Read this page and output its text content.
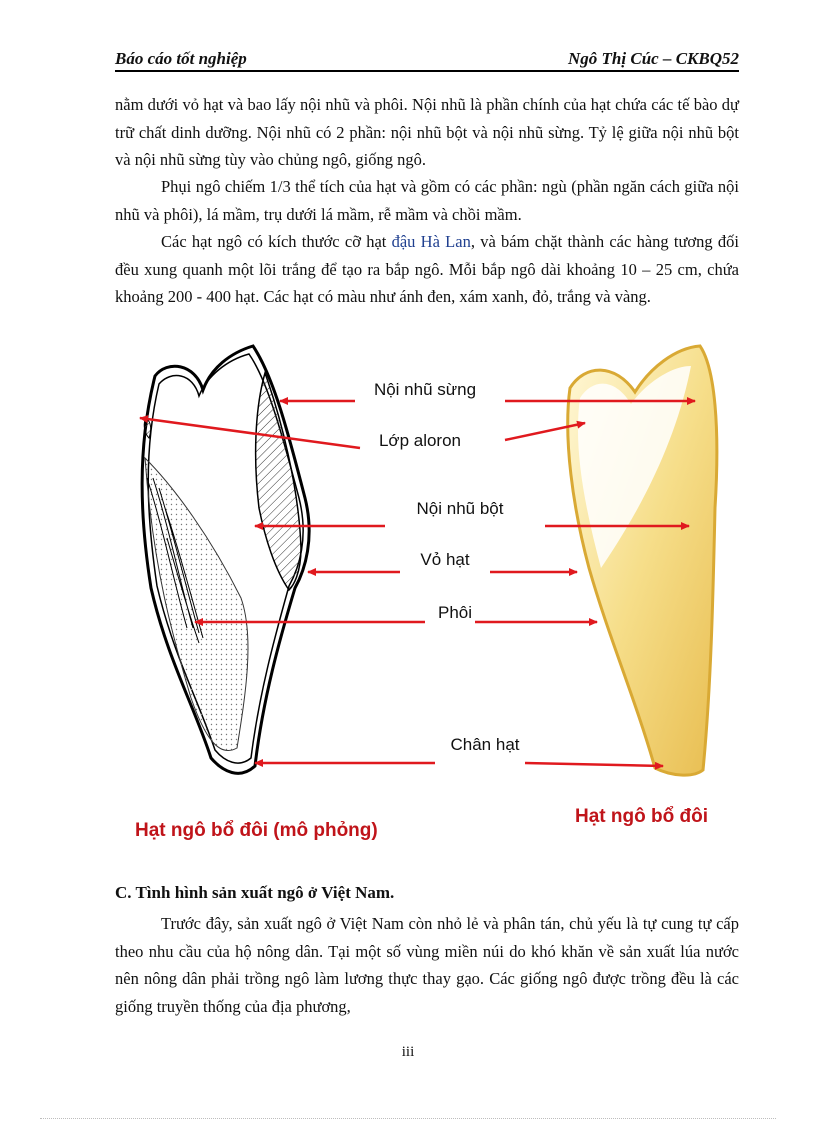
Báo cáo tốt nghiệp	Ngô Thị Cúc – CKBQ52

nằm dưới vỏ hạt và bao lấy nội nhũ và phôi. Nội nhũ là phần chính của hạt chứa các tế bào dự trữ chất dinh dưỡng. Nội nhũ có 2 phần: nội nhũ bột và nội nhũ sừng. Tỷ lệ giữa nội nhũ bột và nội nhũ sừng tùy vào chủng ngô, giống ngô.

Phụi ngô chiếm 1/3 thể tích của hạt và gồm có các phần: ngù (phần ngăn cách giữa nội nhũ và phôi), lá mầm, trụ dưới lá mầm, rễ mầm và chồi mầm.

Các hạt ngô có kích thước cỡ hạt đậu Hà Lan, và bám chặt thành các hàng tương đối đều xung quanh một lõi trắng để tạo ra bắp ngô. Mỗi bắp ngô dài khoảng 10 – 25 cm, chứa khoảng 200 - 400 hạt. Các hạt có màu như ánh đen, xám xanh, đỏ, trắng và vàng.

Nội nhũ sừng
Lớp aloron
Nội nhũ bột
Vỏ hạt
Phôi
Chân hạt
Hạt ngô bổ đôi (mô phỏng)
Hạt ngô bổ đôi

C. Tình hình sản xuất ngô ở Việt Nam.

Trước đây, sản xuất ngô ở Việt Nam còn nhỏ lẻ và phân tán, chủ yếu là tự cung tự cấp theo nhu cầu của hộ nông dân. Tại một số vùng miền núi do khó khăn về sản xuất lúa nước nên nông dân phải trồng ngô làm lương thực thay gạo. Các giống ngô được trồng đều là các giống truyền thống của địa phương,

iii
